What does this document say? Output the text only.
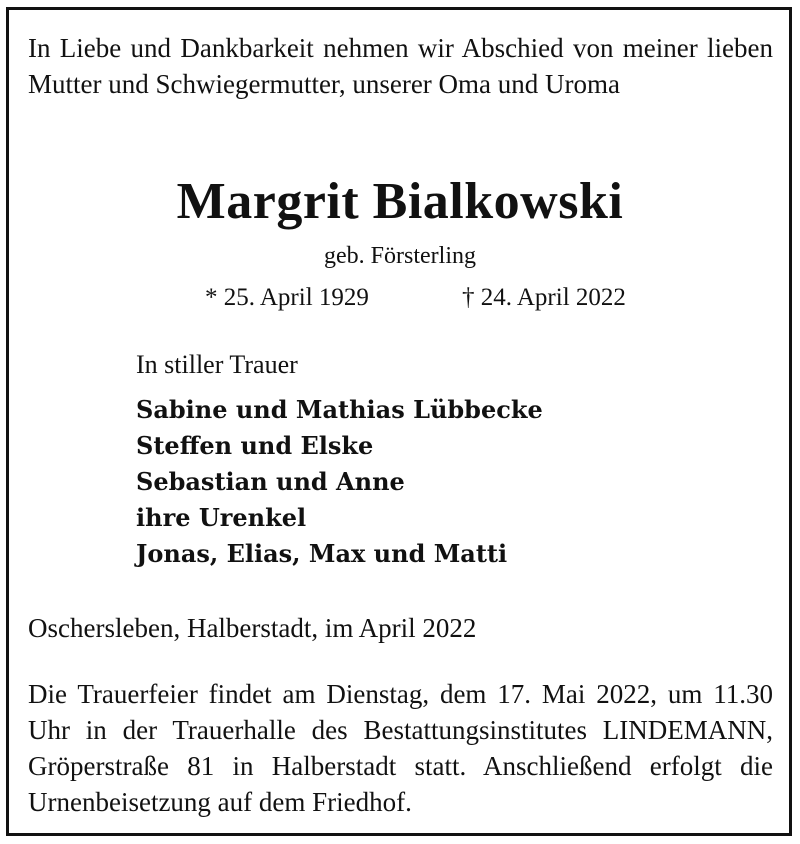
In Liebe und Dankbarkeit nehmen wir Abschied von meiner lieben Mutter und Schwiegermutter, unserer Oma und Uroma

Margrit Bialkowski
geb. Försterling
* 25. April 1929	† 24. April 2022
In stiller Trauer
Sabine und Mathias Lübbecke
Steffen und Elske
Sebastian und Anne
ihre Urenkel
Jonas, Elias, Max und Matti
Oschersleben, Halberstadt, im April 2022

Die Trauerfeier findet am Dienstag, dem 17. Mai 2022, um 11.30 Uhr in der Trauerhalle des Bestattungsinstitutes LINDEMANN, Gröperstraße 81 in Halberstadt statt. Anschließend erfolgt die Urnenbeisetzung auf dem Friedhof.
